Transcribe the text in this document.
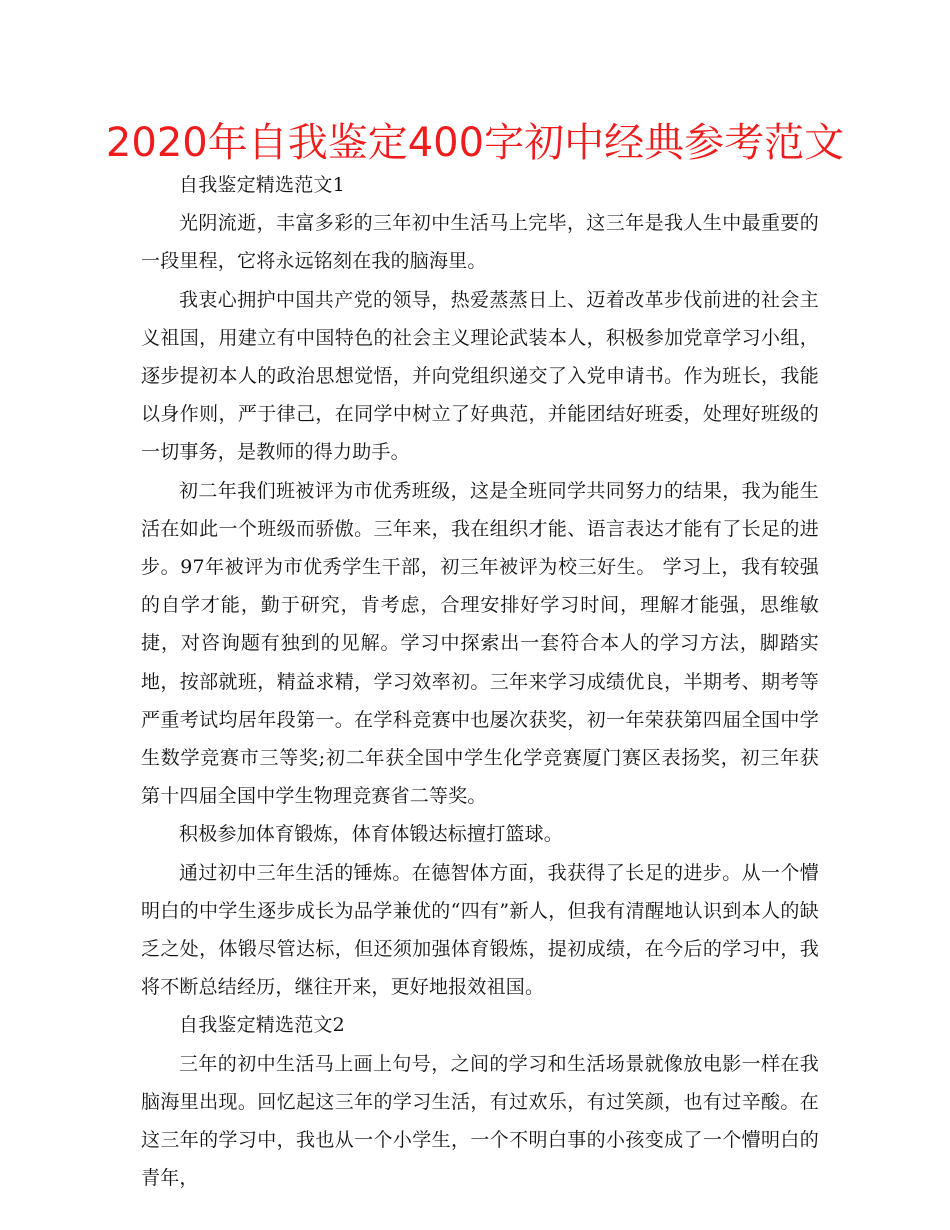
2020年自我鉴定400字初中经典参考范文

自我鉴定精选范文1

光阴流逝，丰富多彩的三年初中生活马上完毕，这三年是我人生中最重要的一段里程，它将永远铭刻在我的脑海里。

我衷心拥护中国共产党的领导，热爱蒸蒸日上、迈着改革步伐前进的社会主义祖国，用建立有中国特色的社会主义理论武装本人，积极参加党章学习小组，逐步提初本人的政治思想觉悟，并向党组织递交了入党申请书。作为班长，我能以身作则，严于律己，在同学中树立了好典范，并能团结好班委，处理好班级的一切事务，是教师的得力助手。

初二年我们班被评为市优秀班级，这是全班同学共同努力的结果，我为能生活在如此一个班级而骄傲。三年来，我在组织才能、语言表达才能有了长足的进步。97年被评为市优秀学生干部，初三年被评为校三好生。 学习上，我有较强的自学才能，勤于研究，肯考虑，合理安排好学习时间，理解才能强，思维敏捷，对咨询题有独到的见解。学习中探索出一套符合本人的学习方法，脚踏实地，按部就班，精益求精，学习效率初。三年来学习成绩优良，半期考、期考等严重考试均居年段第一。在学科竞赛中也屡次获奖，初一年荣获第四届全国中学生数学竞赛市三等奖;初二年获全国中学生化学竞赛厦门赛区表扬奖，初三年获第十四届全国中学生物理竞赛省二等奖。

积极参加体育锻炼，体育体锻达标擅打篮球。

通过初中三年生活的锤炼。在德智体方面，我获得了长足的进步。从一个懵明白的中学生逐步成长为品学兼优的“四有”新人，但我有清醒地认识到本人的缺乏之处，体锻尽管达标，但还须加强体育锻炼，提初成绩，在今后的学习中，我将不断总结经历，继往开来，更好地报效祖国。

自我鉴定精选范文2

三年的初中生活马上画上句号，之间的学习和生活场景就像放电影一样在我脑海里出现。回忆起这三年的学习生活，有过欢乐，有过笑颜，也有过辛酸。在这三年的学习中，我也从一个小学生，一个不明白事的小孩变成了一个懵明白的青年，
